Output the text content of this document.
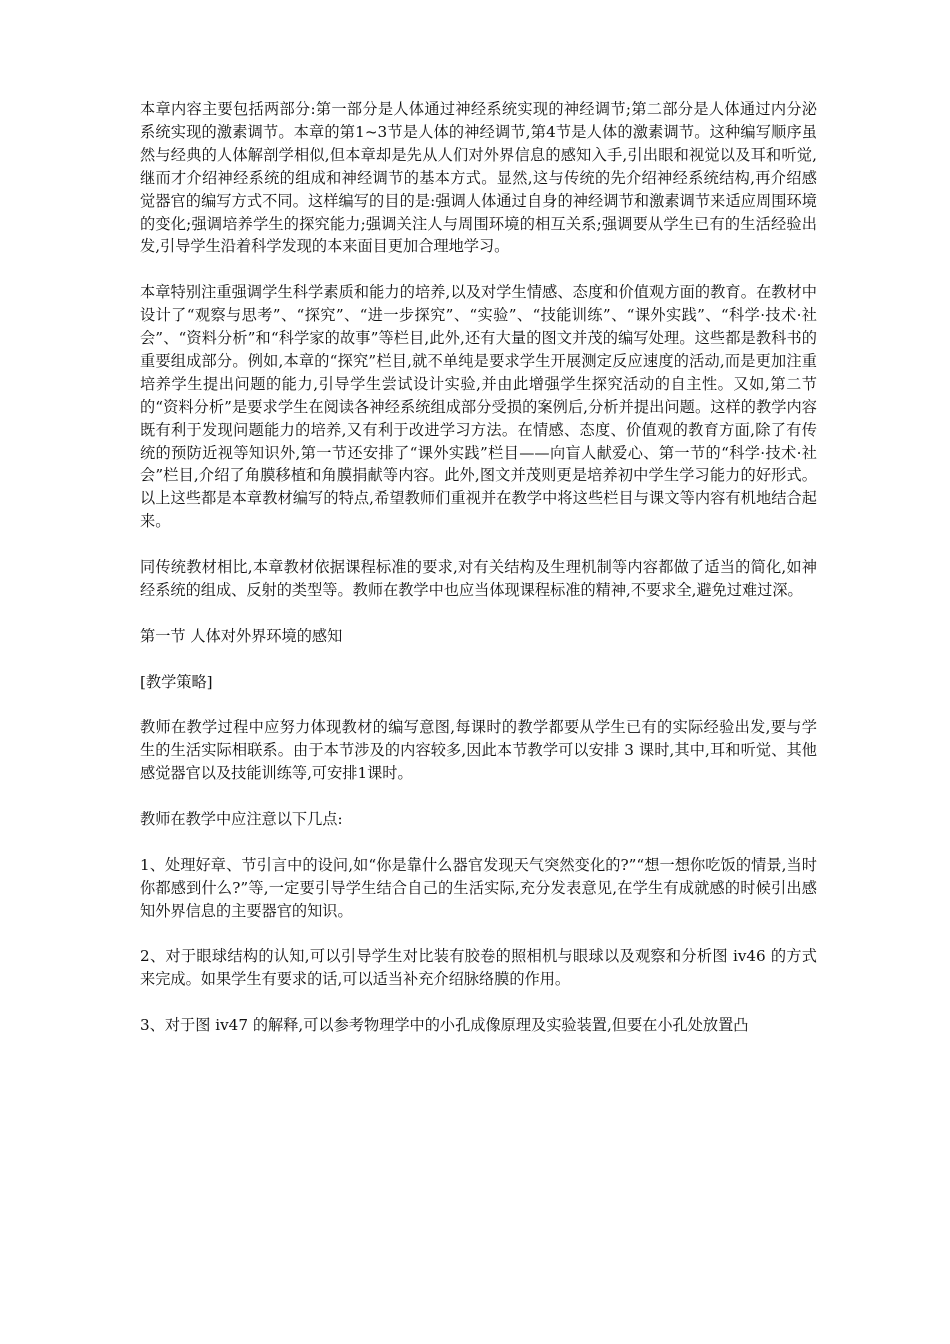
本章内容主要包括两部分:第一部分是人体通过神经系统实现的神经调节;第二部分是人体通过内分泌系统实现的激素调节。本章的第1~3节是人体的神经调节,第4节是人体的激素调节。这种编写顺序虽然与经典的人体解剖学相似,但本章却是先从人们对外界信息的感知入手,引出眼和视觉以及耳和听觉,继而才介绍神经系统的组成和神经调节的基本方式。显然,这与传统的先介绍神经系统结构,再介绍感觉器官的编写方式不同。这样编写的目的是:强调人体通过自身的神经调节和激素调节来适应周围环境的变化;强调培养学生的探究能力;强调关注人与周围环境的相互关系;强调要从学生已有的生活经验出发,引导学生沿着科学发现的本来面目更加合理地学习。

本章特别注重强调学生科学素质和能力的培养,以及对学生情感、态度和价值观方面的教育。在教材中设计了“观察与思考”、“探究”、“进一步探究”、“实验”、“技能训练”、“课外实践”、“科学·技术·社会”、“资料分析”和“科学家的故事”等栏目,此外,还有大量的图文并茂的编写处理。这些都是教科书的重要组成部分。例如,本章的“探究”栏目,就不单纯是要求学生开展测定反应速度的活动,而是更加注重培养学生提出问题的能力,引导学生尝试设计实验,并由此增强学生探究活动的自主性。又如,第二节的“资料分析”是要求学生在阅读各神经系统组成部分受损的案例后,分析并提出问题。这样的教学内容既有利于发现问题能力的培养,又有利于改进学习方法。在情感、态度、价值观的教育方面,除了有传统的预防近视等知识外,第一节还安排了“课外实践”栏目——向盲人献爱心、第一节的“科学·技术·社会”栏目,介绍了角膜移植和角膜捐献等内容。此外,图文并茂则更是培养初中学生学习能力的好形式。以上这些都是本章教材编写的特点,希望教师们重视并在教学中将这些栏目与课文等内容有机地结合起来。

同传统教材相比,本章教材依据课程标准的要求,对有关结构及生理机制等内容都做了适当的简化,如神经系统的组成、反射的类型等。教师在教学中也应当体现课程标准的精神,不要求全,避免过难过深。

第一节 人体对外界环境的感知

[教学策略]

教师在教学过程中应努力体现教材的编写意图,每课时的教学都要从学生已有的实际经验出发,要与学生的生活实际相联系。由于本节涉及的内容较多,因此本节教学可以安排 3 课时,其中,耳和听觉、其他感觉器官以及技能训练等,可安排1课时。

教师在教学中应注意以下几点:

1、处理好章、节引言中的设问,如“你是靠什么器官发现天气突然变化的?”“想一想你吃饭的情景,当时你都感到什么?”等,一定要引导学生结合自己的生活实际,充分发表意见,在学生有成就感的时候引出感知外界信息的主要器官的知识。

2、对于眼球结构的认知,可以引导学生对比装有胶卷的照相机与眼球以及观察和分析图 iv46 的方式来完成。如果学生有要求的话,可以适当补充介绍脉络膜的作用。

3、对于图 iv47 的解释,可以参考物理学中的小孔成像原理及实验装置,但要在小孔处放置凸
